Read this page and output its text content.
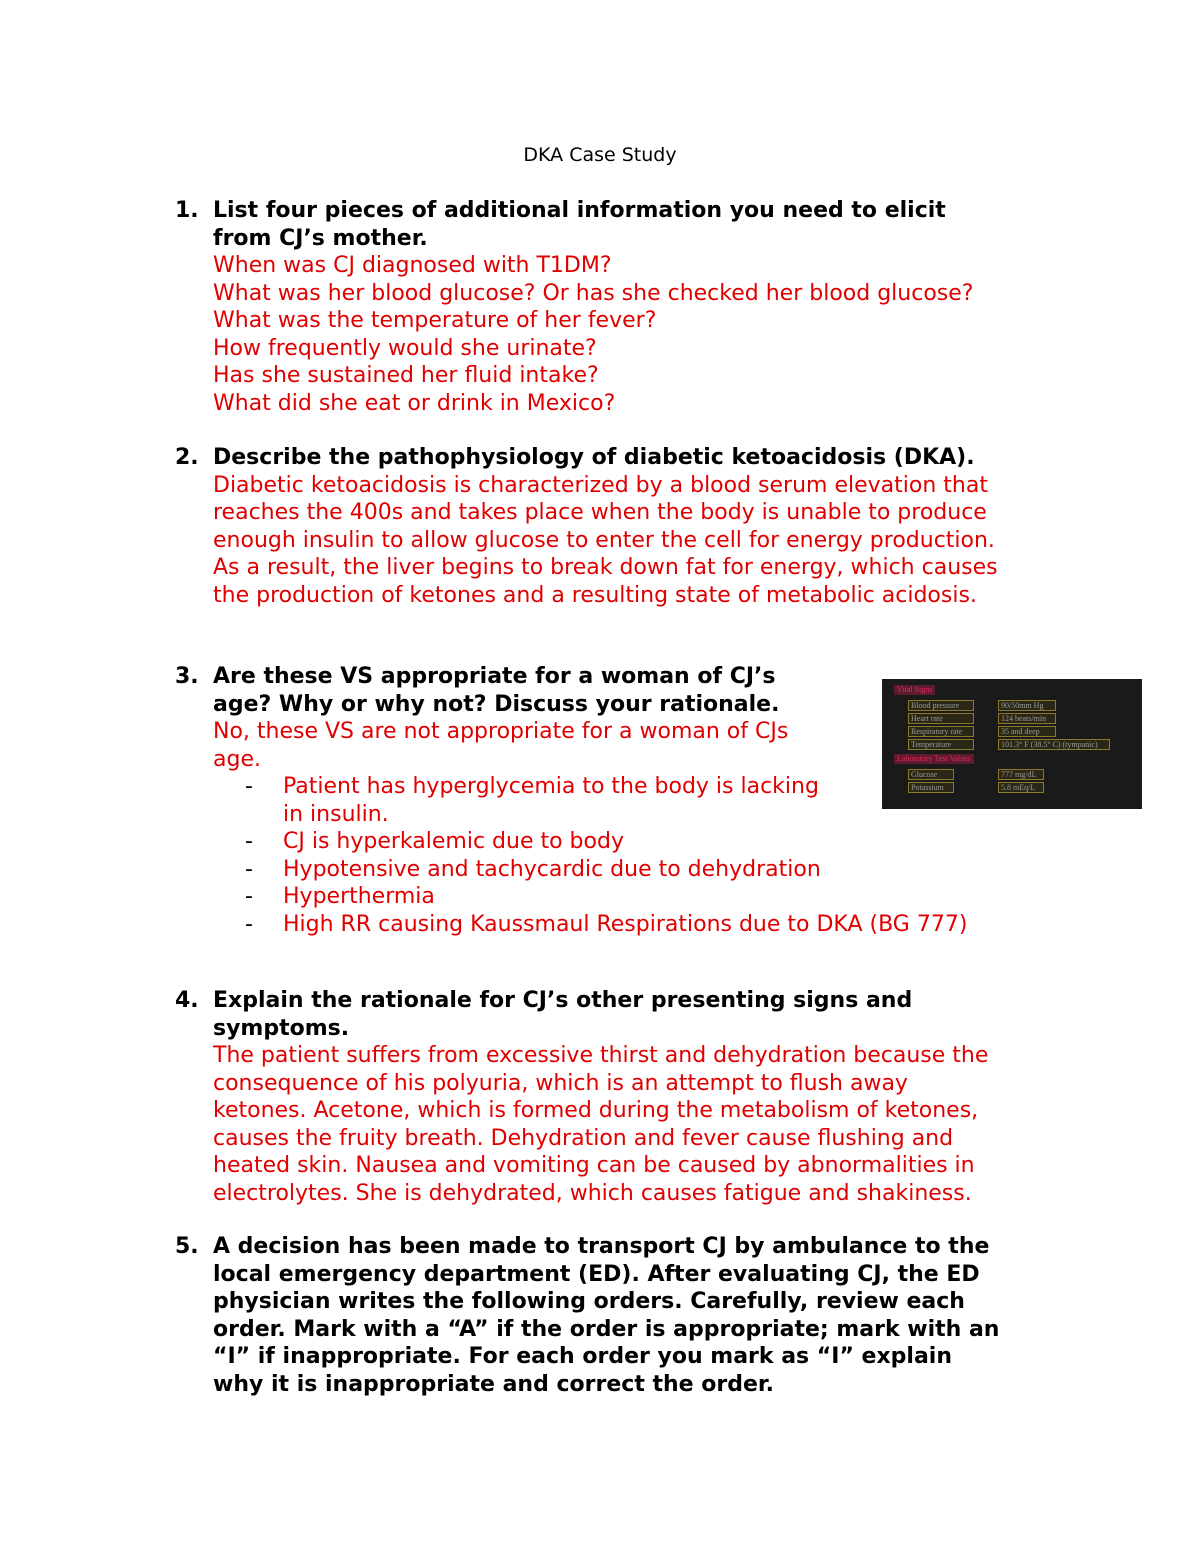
DKA Case Study
1. List four pieces of additional information you need to elicit
from CJ’s mother.
When was CJ diagnosed with T1DM?
What was her blood glucose? Or has she checked her blood glucose?
What was the temperature of her fever?
How frequently would she urinate?
Has she sustained her fluid intake?
What did she eat or drink in Mexico?
2. Describe the pathophysiology of diabetic ketoacidosis (DKA).
Diabetic ketoacidosis is characterized by a blood serum elevation that
reaches the 400s and takes place when the body is unable to produce
enough insulin to allow glucose to enter the cell for energy production.
As a result, the liver begins to break down fat for energy, which causes
the production of ketones and a resulting state of metabolic acidosis.
3. Are these VS appropriate for a woman of CJ’s
age? Why or why not? Discuss your rationale.
No, these VS are not appropriate for a woman of CJs
age.
- Patient has hyperglycemia to the body is lacking
in insulin.
- CJ is hyperkalemic due to body
- Hypotensive and tachycardic due to dehydration
- Hyperthermia
- High RR causing Kaussmaul Respirations due to DKA (BG 777)
Vital Signs
Blood pressure	90/50mm Hg
Heart rate	124 beats/min
Respiratory rate	35 and deep
Temperature	101.3° F (38.5° C) (tympanic)
Laboratory Test Values
Glucose	777 mg/dL
Potassium	5.8 mEq/L
4. Explain the rationale for CJ’s other presenting signs and
symptoms.
The patient suffers from excessive thirst and dehydration because the
consequence of his polyuria, which is an attempt to flush away
ketones. Acetone, which is formed during the metabolism of ketones,
causes the fruity breath. Dehydration and fever cause flushing and
heated skin. Nausea and vomiting can be caused by abnormalities in
electrolytes. She is dehydrated, which causes fatigue and shakiness.
5. A decision has been made to transport CJ by ambulance to the
local emergency department (ED). After evaluating CJ, the ED
physician writes the following orders. Carefully, review each
order. Mark with a “A” if the order is appropriate; mark with an
“I” if inappropriate. For each order you mark as “I” explain
why it is inappropriate and correct the order.
